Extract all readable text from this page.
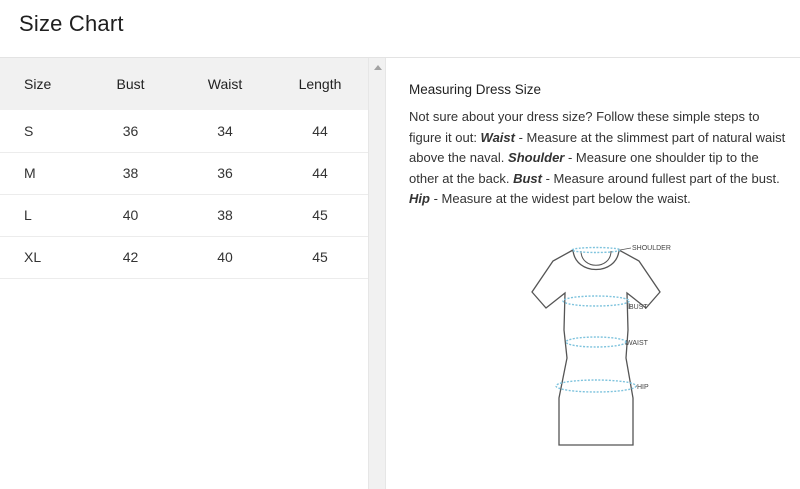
Size Chart
Size	Bust	Waist	Length
S	36	34	44
M	38	36	44
L	40	38	45
XL	42	40	45
Measuring Dress Size

Not sure about your dress size? Follow these simple steps to figure it out: Waist - Measure at the slimmest part of natural waist above the naval. Shoulder - Measure one shoulder tip to the other at the back. Bust - Measure around fullest part of the bust. Hip - Measure at the widest part below the waist.

SHOULDER
BUST
WAIST
HIP
